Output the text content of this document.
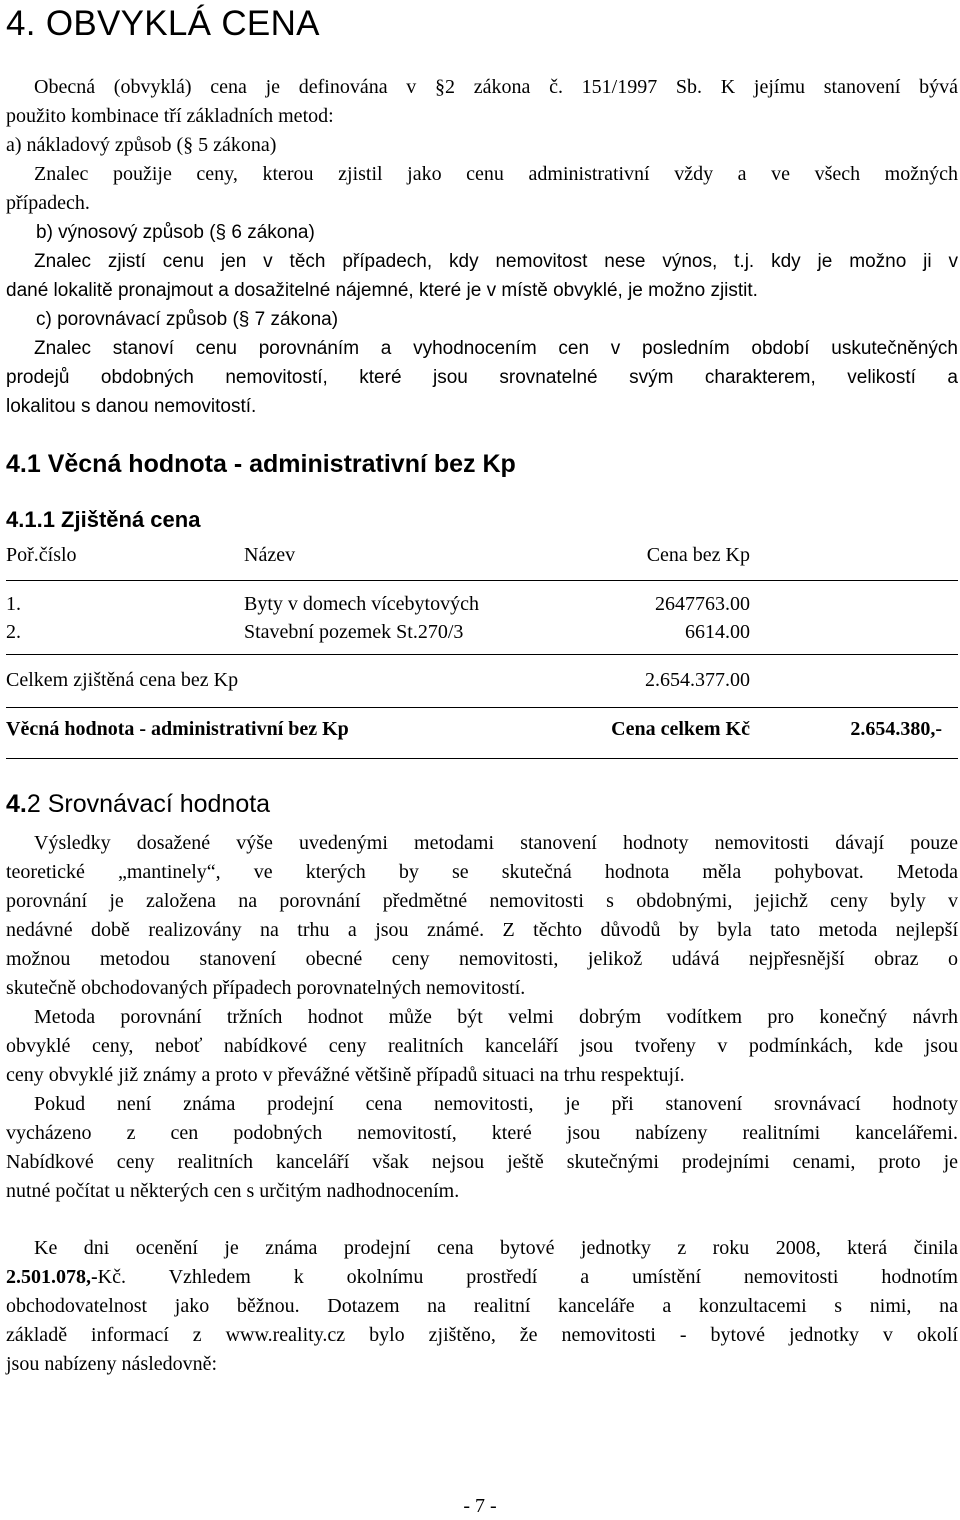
4. OBVYKLÁ CENA
Obecná (obvyklá) cena je definována v §2 zákona č. 151/1997 Sb. K jejímu stanovení bývá
použito kombinace tří základních metod:
a) nákladový způsob (§ 5 zákona)
Znalec použije ceny, kterou zjistil jako cenu administrativní vždy a ve všech možných
případech.
b) výnosový způsob (§ 6 zákona)
Znalec zjistí cenu jen v těch případech, kdy nemovitost nese výnos, t.j. kdy je možno ji v
dané lokalitě pronajmout a dosažitelné nájemné, které je v místě obvyklé, je možno zjistit.
c) porovnávací způsob (§ 7 zákona)
Znalec stanoví cenu porovnáním a vyhodnocením cen v posledním období uskutečněných
prodejů obdobných nemovitostí, které jsou srovnatelné svým charakterem, velikostí a
lokalitou s danou nemovitostí.
4.1 Věcná hodnota - administrativní bez Kp
4.1.1 Zjištěná cena
Poř.číslo	Název	Cena bez Kp
1.	Byty v domech vícebytových	2647763.00
2.	Stavební pozemek St.270/3	6614.00
Celkem zjištěná cena bez Kp	2.654.377.00
Věcná hodnota - administrativní bez Kp	Cena celkem Kč	2.654.380,-
4.2 Srovnávací hodnota
Výsledky dosažené výše uvedenými metodami stanovení hodnoty nemovitosti dávají pouze
teoretické „mantinely“, ve kterých by se skutečná hodnota měla pohybovat. Metoda
porovnání je založena na porovnání předmětné nemovitosti s obdobnými, jejichž ceny byly v
nedávné době realizovány na trhu a jsou známé. Z těchto důvodů by byla tato metoda nejlepší
možnou metodou stanovení obecné ceny nemovitosti, jelikož udává nejpřesnější obraz o
skutečně obchodovaných případech porovnatelných nemovitostí.
Metoda porovnání tržních hodnot může být velmi dobrým vodítkem pro konečný návrh
obvyklé ceny, neboť nabídkové ceny realitních kanceláří jsou tvořeny v podmínkách, kde jsou
ceny obvyklé již známy a proto v převážné většině případů situaci na trhu respektují.
Pokud není známa prodejní cena nemovitosti, je při stanovení srovnávací hodnoty
vycházeno z cen podobných nemovitostí, které jsou nabízeny realitními kancelářemi.
Nabídkové ceny realitních kanceláří však nejsou ještě skutečnými prodejními cenami, proto je
nutné počítat u některých cen s určitým nadhodnocením.
Ke dni ocenění je známa prodejní cena bytové jednotky z roku 2008, která činila
2.501.078,-Kč. Vzhledem k okolnímu prostředí a umístění nemovitosti hodnotím
obchodovatelnost jako běžnou. Dotazem na realitní kanceláře a konzultacemi s nimi, na
základě informací z www.reality.cz bylo zjištěno, že nemovitosti - bytové jednotky v okolí
jsou nabízeny následovně:
- 7 -
